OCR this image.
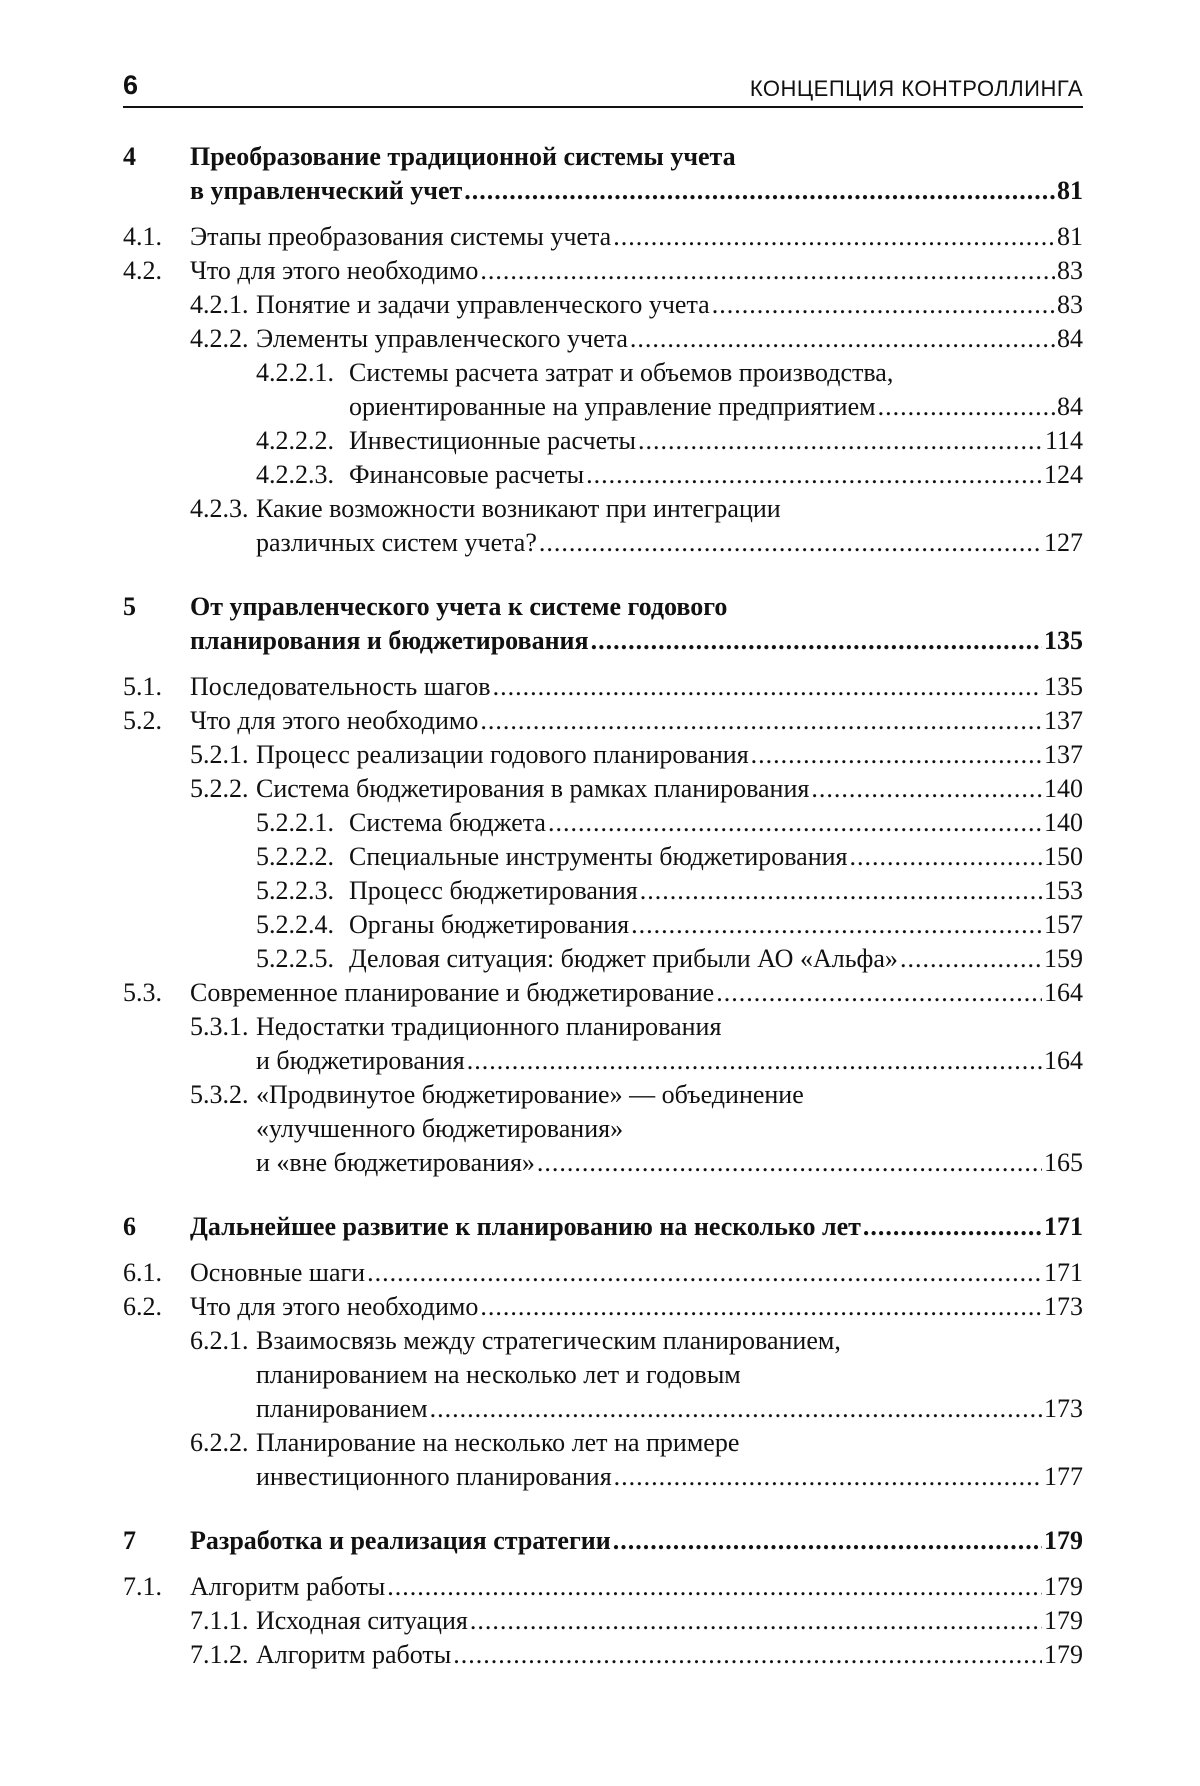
6	КОНЦЕПЦИЯ КОНТРОЛЛИНГА
4 Преобразование традиционной системы учета
в управленческий учет .....	81
4.1. Этапы преобразования системы учета .....	81
4.2. Что для этого необходимо .....	83
4.2.1. Понятие и задачи управленческого учета .....	83
4.2.2. Элементы управленческого учета .....	84
4.2.2.1. Системы расчета затрат и объемов производства,
ориентированные на управление предприятием .....	84
4.2.2.2. Инвестиционные расчеты .....	114
4.2.2.3. Финансовые расчеты .....	124
4.2.3. Какие возможности возникают при интеграции
различных систем учета? .....	127
5 От управленческого учета к системе годового
планирования и бюджетирования .....	135
5.1. Последовательность шагов .....	135
5.2. Что для этого необходимо .....	137
5.2.1. Процесс реализации годового планирования .....	137
5.2.2. Система бюджетирования в рамках планирования .....	140
5.2.2.1. Система бюджета .....	140
5.2.2.2. Специальные инструменты бюджетирования .....	150
5.2.2.3. Процесс бюджетирования .....	153
5.2.2.4. Органы бюджетирования .....	157
5.2.2.5. Деловая ситуация: бюджет прибыли АО «Альфа» .....	159
5.3. Современное планирование и бюджетирование .....	164
5.3.1. Недостатки традиционного планирования
и бюджетирования .....	164
5.3.2. «Продвинутое бюджетирование» — объединение
«улучшенного бюджетирования»
и «вне бюджетирования» .....	165
6 Дальнейшее развитие к планированию на несколько лет .....	171
6.1. Основные шаги .....	171
6.2. Что для этого необходимо .....	173
6.2.1. Взаимосвязь между стратегическим планированием,
планированием на несколько лет и годовым
планированием .....	173
6.2.2. Планирование на несколько лет на примере
инвестиционного планирования .....	177
7 Разработка и реализация стратегии .....	179
7.1. Алгоритм работы .....	179
7.1.1. Исходная ситуация .....	179
7.1.2. Алгоритм работы .....	179
